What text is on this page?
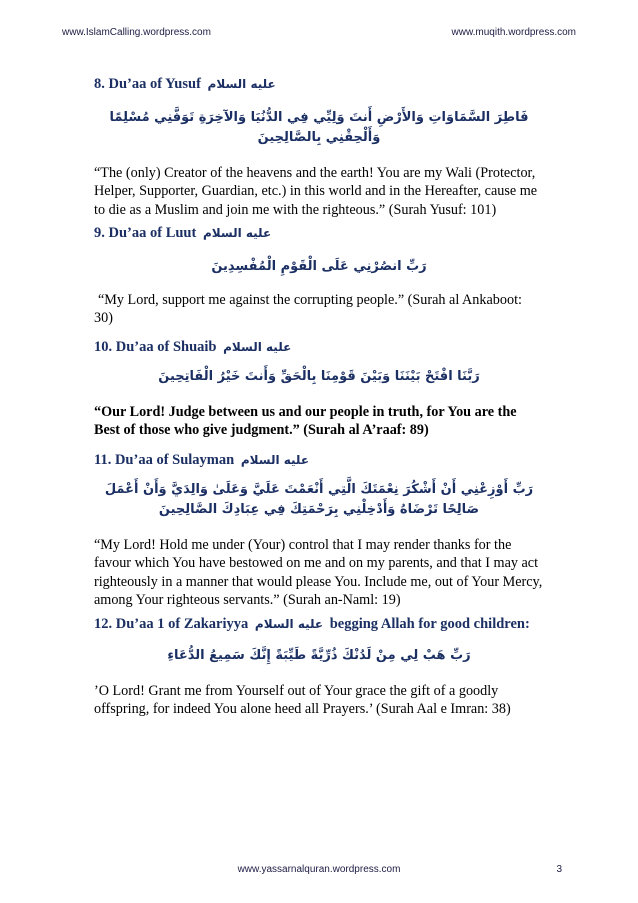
www.IslamCalling.wordpress.com	www.muqith.wordpress.com

8. Du’aa of Yusuf عليه السلام

فَاطِرَ السَّمَاوَاتِ وَالأَرْضِ أَنتَ وَلِيِّي فِي الدُّنُيَا وَالآخِرَةِ تَوَفَّنِي مُسْلِمًا وَأَلْحِقْنِي بِالصَّالِحِينَ

“The (only) Creator of the heavens and the earth! You are my Wali (Protector, Helper, Supporter, Guardian, etc.) in this world and in the Hereafter, cause me to die as a Muslim and join me with the righteous.” (Surah Yusuf: 101)

9. Du’aa of Luut عليه السلام

رَبِّ انصُرْنِي عَلَى الْقَوْمِ الْمُفْسِدِينَ

“My Lord, support me against the corrupting people.” (Surah al Ankaboot: 30)

10. Du’aa of Shuaib عليه السلام

رَبَّنَا افْتَحْ بَيْنَنَا وَبَيْنَ قَوْمِنَا بِالْحَقِّ وَأَنتَ خَيْرُ الْفَاتِحِينَ

“Our Lord! Judge between us and our people in truth, for You are the Best of those who give judgment.” (Surah al A’raaf: 89)

11. Du’aa of Sulayman عليه السلام

رَبِّ أَوْزِعْنِي أَنْ أَشْكُرَ نِعْمَتَكَ الَّتِي أَنْعَمْتَ عَلَيَّ وَعَلَىٰ وَالِدَيَّ وَأَنْ أَعْمَلَ صَالِحًا تَرْضَاهُ وَأَدْخِلْنِي بِرَحْمَتِكَ فِي عِبَادِكَ الصَّالِحِينَ

“My Lord! Hold me under (Your) control that I may render thanks for the favour which You have bestowed on me and on my parents, and that I may act righteously in a manner that would please You. Include me, out of Your Mercy, among Your righteous servants.” (Surah an-Naml: 19)

12. Du’aa 1 of Zakariyya عليه السلام begging Allah for good children:

رَبِّ هَبْ لِي مِنْ لَدُنْكَ ذُرِّيَّةً طَيِّبَةً إِنَّكَ سَمِيعُ الدُّعَاءِ

’O Lord! Grant me from Yourself out of Your grace the gift of a goodly offspring, for indeed You alone heed all Prayers.’ (Surah Aal e Imran: 38)

www.yassarnalquran.wordpress.com	3
